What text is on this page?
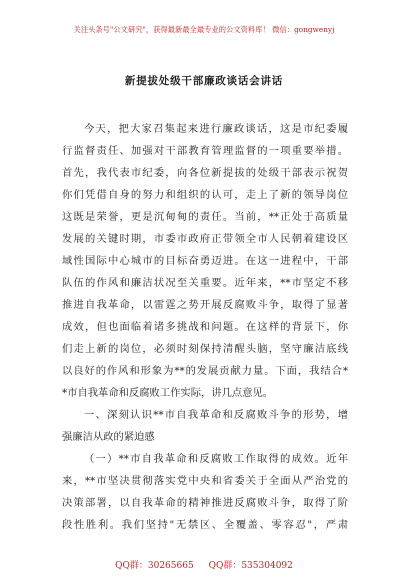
关注头条号"公文研究"，获得最新最全最专业的公文资料库！ 微信：gongwenyj
新提拔处级干部廉政谈话会讲话
今天，把大家召集起来进行廉政谈话，这是市纪委履
行监督责任、加强对干部教育管理监督的一项重要举措。
首先，我代表市纪委，向各位新提拔的处级干部表示祝贺
你们凭借自身的努力和组织的认可，走上了新的领导岗位
这既是荣誉，更是沉甸甸的责任。当前，**正处于高质量
发展的关键时期，市委市政府正带领全市人民朝着建设区
域性国际中心城市的目标奋勇迈进。在这一进程中，干部
队伍的作风和廉洁状况至关重要。近年来，**市坚定不移
推进自我革命，以雷霆之势开展反腐败斗争，取得了显著
成效，但也面临着诸多挑战和问题。在这样的背景下，你
们走上新的岗位，必须时刻保持清醒头脑，坚守廉洁底线
以良好的作风和形象为**的发展贡献力量。下面，我结合*
*市自我革命和反腐败工作实际，讲几点意见。
一、深刻认识**市自我革命和反腐败斗争的形势，增
强廉洁从政的紧迫感
（一）**市自我革命和反腐败工作取得的成效。近年
来，**市坚决贯彻落实党中央和省委关于全面从严治党的
决策部署，以自我革命的精神推进反腐败斗争，取得了阶
段性胜利。我们坚持"无禁区、全覆盖、零容忍"，严肃
QQ群：30265665 QQ群：535304092
